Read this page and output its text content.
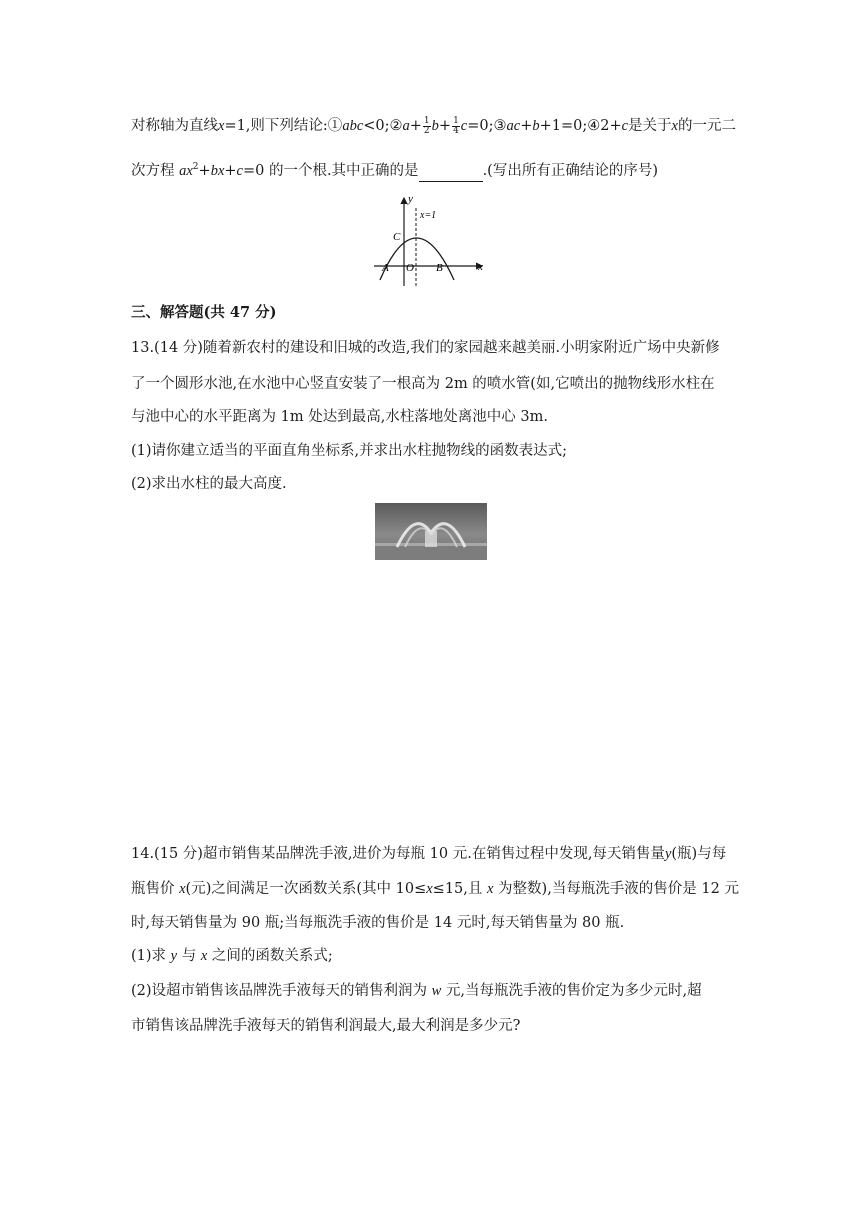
对称轴为直线x=1,则下列结论:①abc<0;②a+ $\frac{1}{2} b+ \frac{1}{4}$ c=0;③ac+b+1=0;④2+c是关于x的一元二
次方程 $ax^2+bx+c=0$ 的一个根.其中正确的是	.(写出所有正确结论的序号)
y
x
x=1
C
A O B
三、解答题(共 47 分)
13.(14 分)随着新农村的建设和旧城的改造,我们的家园越来越美丽.小明家附近广场中央新修
了一个圆形水池,在水池中心竖直安装了一根高为 2m 的喷水管(如,它喷出的抛物线形水柱在
与池中心的水平距离为 1m 处达到最高,水柱落地处离池中心 3m.
(1)请你建立适当的平面直角坐标系,并求出水柱抛物线的函数表达式;
(2)求出水柱的最大高度.
14.(15 分)超市销售某品牌洗手液,进价为每瓶 10 元.在销售过程中发现,每天销售量y(瓶)与每
瓶售价 x(元)之间满足一次函数关系(其中 10≤x≤15,且 x 为整数),当每瓶洗手液的售价是 12 元
时,每天销售量为 90 瓶;当每瓶洗手液的售价是 14 元时,每天销售量为 80 瓶.
(1)求 y 与 x 之间的函数关系式;
(2)设超市销售该品牌洗手液每天的销售利润为 w 元,当每瓶洗手液的售价定为多少元时,超
市销售该品牌洗手液每天的销售利润最大,最大利润是多少元?
